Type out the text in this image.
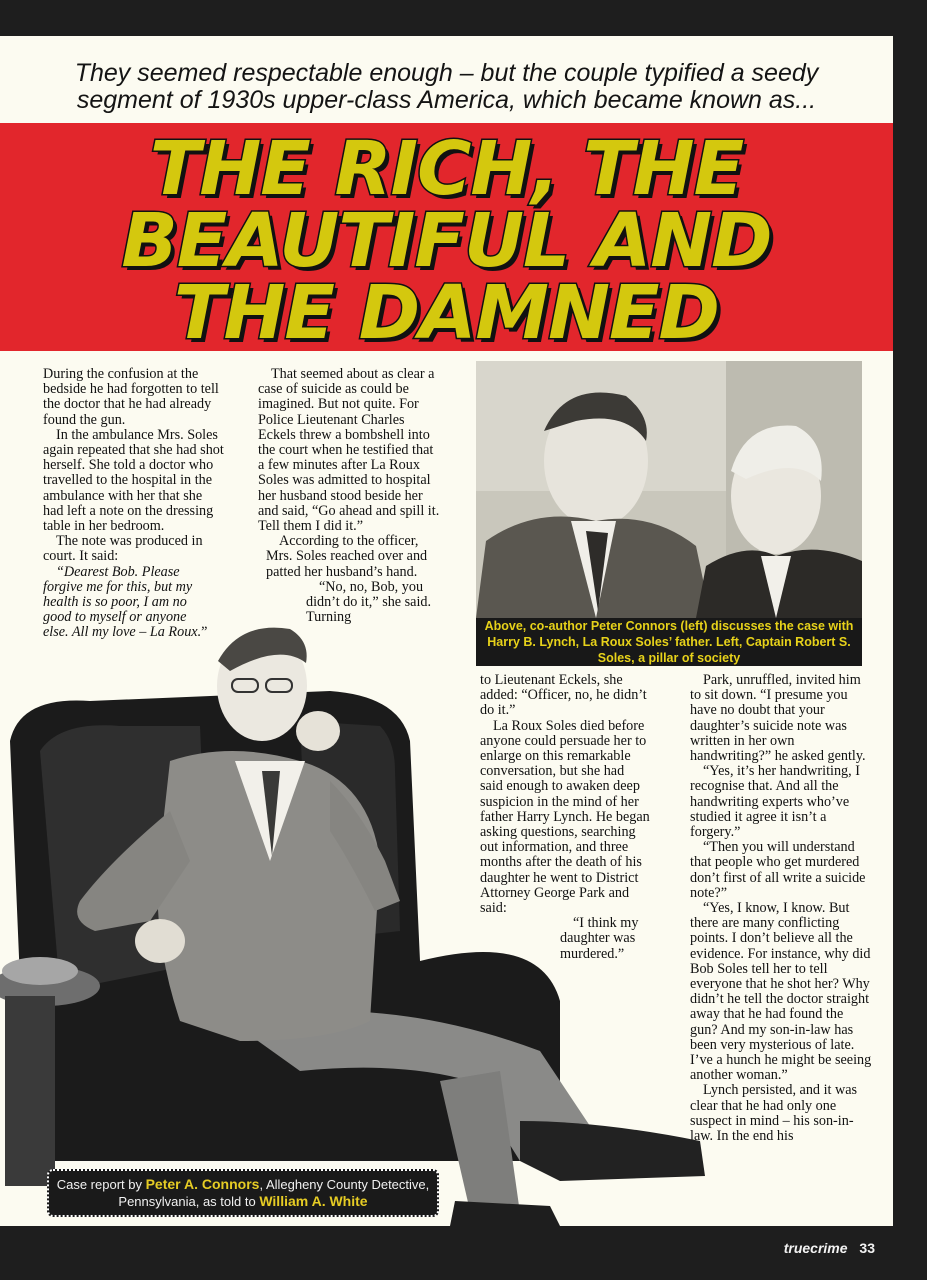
They seemed respectable enough – but the couple typified a seedy
segment of 1930s upper-class America, which became known as...
THE RICH, THE
BEAUTIFUL AND
THE DAMNED

During the confusion at the bedside he had forgotten to tell the doctor that he had already found the gun.

In the ambulance Mrs. Soles again repeated that she had shot herself. She told a doctor who travelled to the hospital in the ambulance with her that she had left a note on the dressing table in her bedroom.

The note was produced in court. It said:

“Dearest Bob. Please forgive me for this, but my health is so poor, I am no good to myself or anyone else. All my love – La Roux.”

That seemed about as clear a case of suicide as could be imagined. But not quite. For Police Lieutenant Charles Eckels threw a bombshell into the court when he testified that a few minutes after La Roux Soles was admitted to hospital her husband stood beside her and said, “Go ahead and spill it. Tell them I did it.”

According to the officer, Mrs. Soles reached over and patted her husband’s hand.

“No, no, Bob, you didn’t do it,” she said. Turning

Above, co-author Peter Connors (left) discusses the case with Harry B. Lynch, La Roux Soles’ father. Left, Captain Robert S. Soles, a pillar of society

to Lieutenant Eckels, she added: “Officer, no, he didn’t do it.”

La Roux Soles died before anyone could persuade her to enlarge on this remarkable conversation, but she had said enough to awaken deep suspicion in the mind of her father Harry Lynch. He began asking questions, searching out information, and three months after the death of his daughter he went to District Attorney George Park and said:

“I think my daughter was murdered.”

Park, unruffled, invited him to sit down. “I presume you have no doubt that your daughter’s suicide note was written in her own handwriting?” he asked gently.

“Yes, it’s her handwriting, I recognise that. And all the handwriting experts who’ve studied it agree it isn’t a forgery.”

“Then you will understand that people who get murdered don’t first of all write a suicide note?”

“Yes, I know, I know. But there are many conflicting points. I don’t believe all the evidence. For instance, why did Bob Soles tell her to tell everyone that he shot her? Why didn’t he tell the doctor straight away that he had found the gun? And my son-in-law has been very mysterious of late. I’ve a hunch he might be seeing another woman.”

Lynch persisted, and it was clear that he had only one suspect in mind – his son-in-law. In the end his

Case report by Peter A. Connors, Allegheny County Detective, Pennsylvania, as told to William A. White
truecrime 33
